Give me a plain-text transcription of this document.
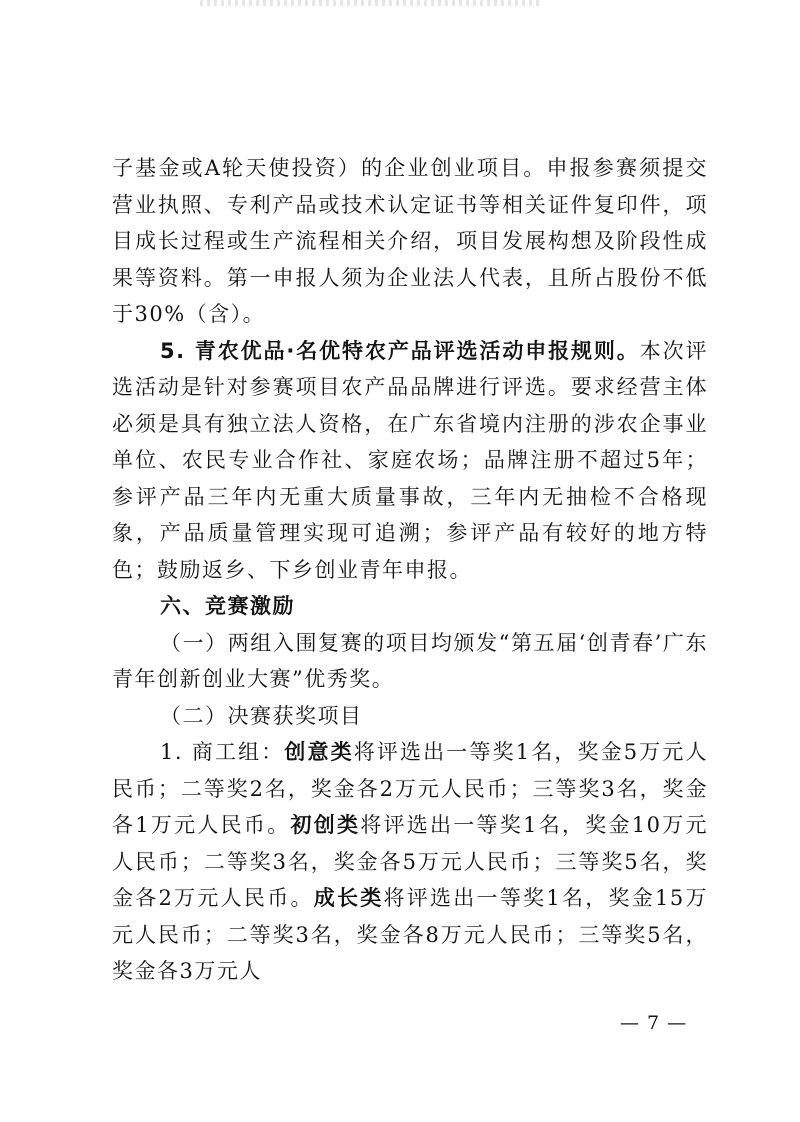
子基金或A轮天使投资）的企业创业项目。申报参赛须提交营业执照、专利产品或技术认定证书等相关证件复印件，项目成长过程或生产流程相关介绍，项目发展构想及阶段性成果等资料。第一申报人须为企业法人代表，且所占股份不低于30%（含）。

5. 青农优品·名优特农产品评选活动申报规则。本次评选活动是针对参赛项目农产品品牌进行评选。要求经营主体必须是具有独立法人资格，在广东省境内注册的涉农企事业单位、农民专业合作社、家庭农场；品牌注册不超过5年；参评产品三年内无重大质量事故，三年内无抽检不合格现象，产品质量管理实现可追溯；参评产品有较好的地方特色；鼓励返乡、下乡创业青年申报。

六、竞赛激励

（一）两组入围复赛的项目均颁发“第五届‘创青春’广东青年创新创业大赛”优秀奖。

（二）决赛获奖项目

1. 商工组：创意类将评选出一等奖1名，奖金5万元人民币；二等奖2名，奖金各2万元人民币；三等奖3名，奖金各1万元人民币。初创类将评选出一等奖1名，奖金10万元人民币；二等奖3名，奖金各5万元人民币；三等奖5名，奖金各2万元人民币。成长类将评选出一等奖1名，奖金15万元人民币；二等奖3名，奖金各8万元人民币；三等奖5名，奖金各3万元人

— 7 —
